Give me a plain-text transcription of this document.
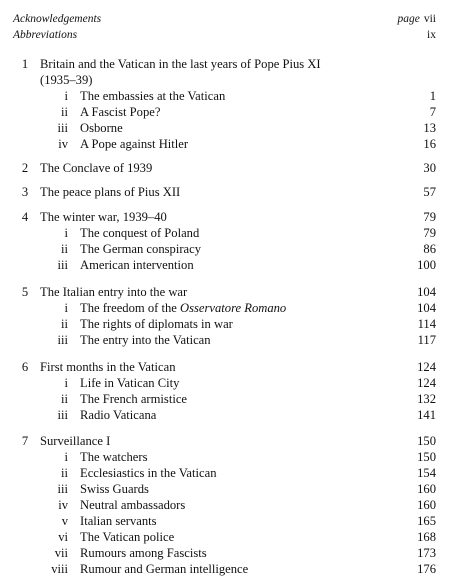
Acknowledgements	page vii
Abbreviations	ix
1 Britain and the Vatican in the last years of Pope Pius XI
(1935–39)
i The embassies at the Vatican	1
ii A Fascist Pope?	7
iii Osborne	13
iv A Pope against Hitler	16
2 The Conclave of 1939	30
3 The peace plans of Pius XII	57
4 The winter war, 1939–40	79
i The conquest of Poland	79
ii The German conspiracy	86
iii American intervention	100
5 The Italian entry into the war	104
i The freedom of the Osservatore Romano	104
ii The rights of diplomats in war	114
iii The entry into the Vatican	117
6 First months in the Vatican	124
i Life in Vatican City	124
ii The French armistice	132
iii Radio Vaticana	141
7 Surveillance I	150
i The watchers	150
ii Ecclesiastics in the Vatican	154
iii Swiss Guards	160
iv Neutral ambassadors	160
v Italian servants	165
vi The Vatican police	168
vii Rumours among Fascists	173
viii Rumour and German intelligence	176
